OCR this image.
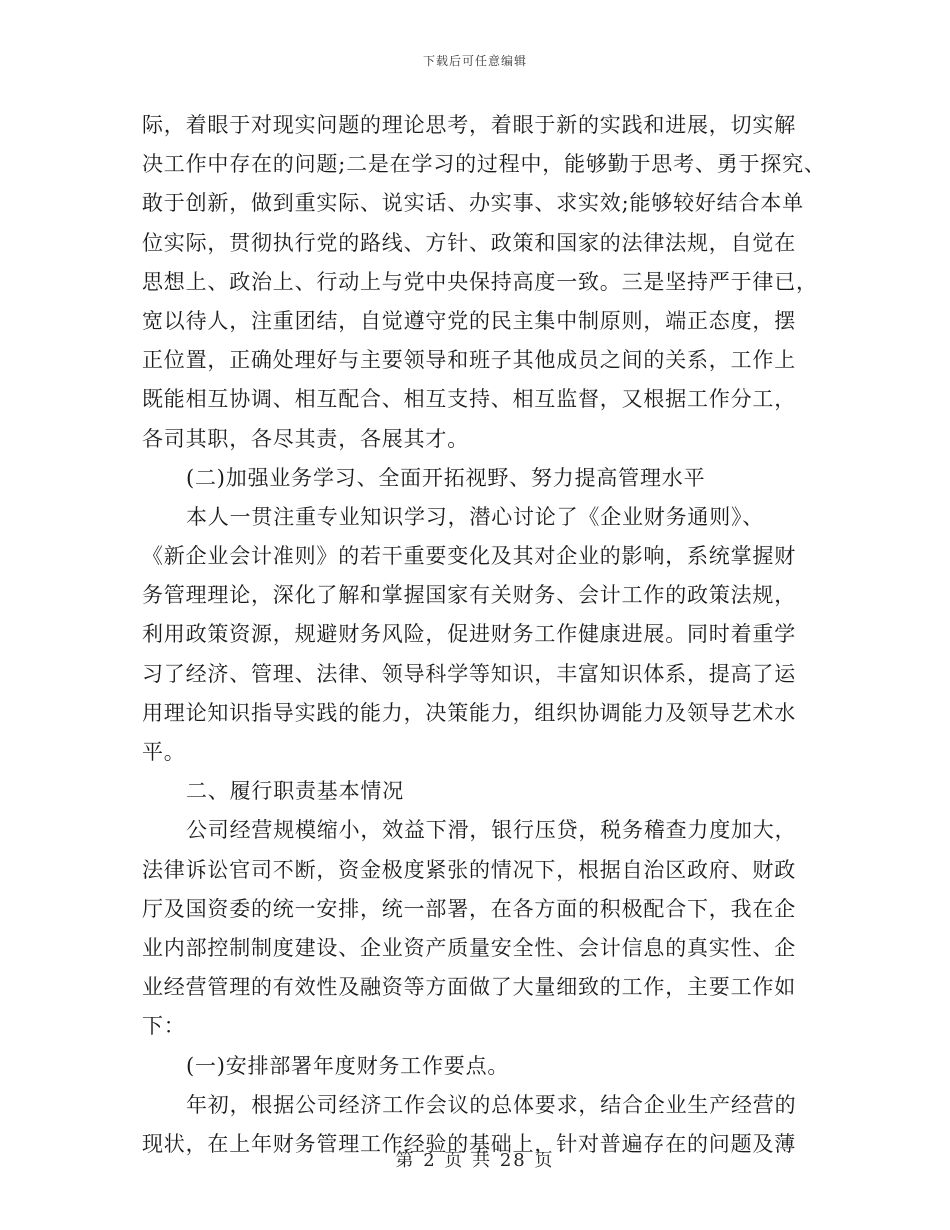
下载后可任意编辑
际，着眼于对现实问题的理论思考，着眼于新的实践和进展，切实解
决工作中存在的问题;二是在学习的过程中，能够勤于思考、勇于探究、
敢于创新，做到重实际、说实话、办实事、求实效;能够较好结合本单
位实际，贯彻执行党的路线、方针、政策和国家的法律法规，自觉在
思想上、政治上、行动上与党中央保持高度一致。三是坚持严于律已，
宽以待人，注重团结，自觉遵守党的民主集中制原则，端正态度，摆
正位置，正确处理好与主要领导和班子其他成员之间的关系，工作上
既能相互协调、相互配合、相互支持、相互监督，又根据工作分工，
各司其职，各尽其责，各展其才。
(二)加强业务学习、全面开拓视野、努力提高管理水平
本人一贯注重专业知识学习，潜心讨论了《企业财务通则》、
《新企业会计准则》的若干重要变化及其对企业的影响，系统掌握财
务管理理论，深化了解和掌握国家有关财务、会计工作的政策法规，
利用政策资源，规避财务风险，促进财务工作健康进展。同时着重学
习了经济、管理、法律、领导科学等知识，丰富知识体系，提高了运
用理论知识指导实践的能力，决策能力，组织协调能力及领导艺术水
平。
二、履行职责基本情况
公司经营规模缩小，效益下滑，银行压贷，税务稽查力度加大，
法律诉讼官司不断，资金极度紧张的情况下，根据自治区政府、财政
厅及国资委的统一安排，统一部署，在各方面的积极配合下，我在企
业内部控制制度建设、企业资产质量安全性、会计信息的真实性、企
业经营管理的有效性及融资等方面做了大量细致的工作，主要工作如
下：
(一)安排部署年度财务工作要点。
年初，根据公司经济工作会议的总体要求，结合企业生产经营的
现状，在上年财务管理工作经验的基础上，针对普遍存在的问题及薄
第 2 页 共 28 页
